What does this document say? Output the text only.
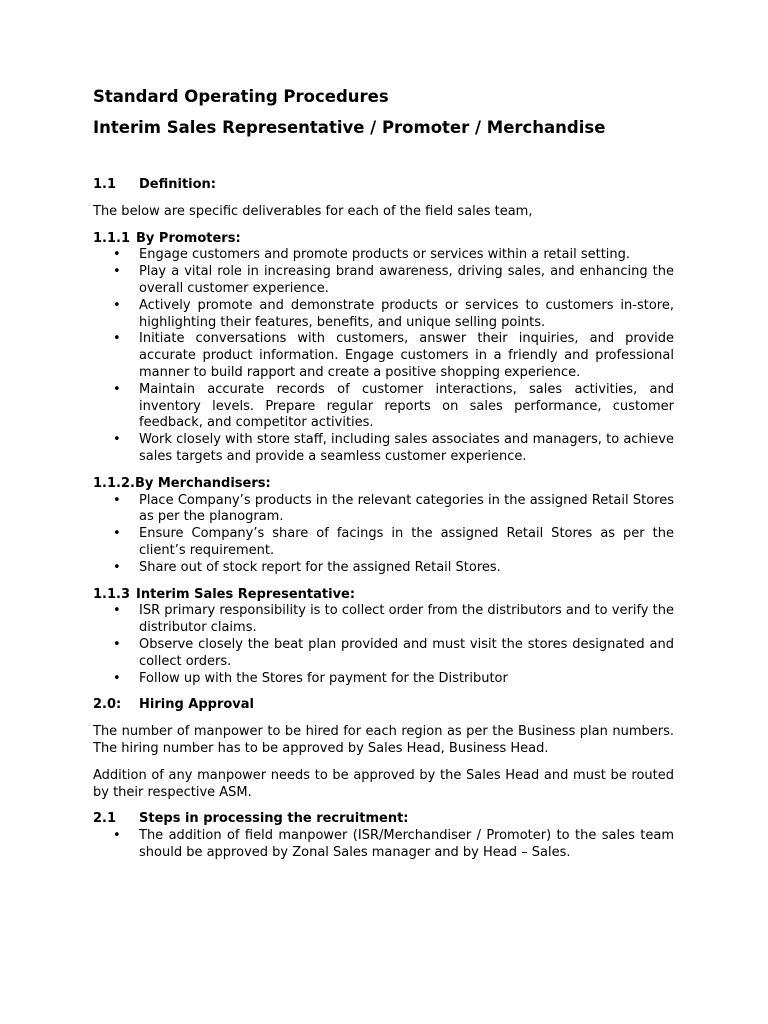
Standard Operating Procedures
Interim Sales Representative / Promoter / Merchandise
1.1 Definition:

The below are specific deliverables for each of the field sales team,

1.1.1 By Promoters:
• Engage customers and promote products or services within a retail setting.
• Play a vital role in increasing brand awareness, driving sales, and enhancing the overall customer experience.
• Actively promote and demonstrate products or services to customers in-store, highlighting their features, benefits, and unique selling points.
• Initiate conversations with customers, answer their inquiries, and provide accurate product information. Engage customers in a friendly and professional manner to build rapport and create a positive shopping experience.
• Maintain accurate records of customer interactions, sales activities, and inventory levels. Prepare regular reports on sales performance, customer feedback, and competitor activities.
• Work closely with store staff, including sales associates and managers, to achieve sales targets and provide a seamless customer experience.
1.1.2.By Merchandisers:
• Place Company’s products in the relevant categories in the assigned Retail Stores as per the planogram.
• Ensure Company’s share of facings in the assigned Retail Stores as per the client’s requirement.
• Share out of stock report for the assigned Retail Stores.
1.1.3 Interim Sales Representative:
• ISR primary responsibility is to collect order from the distributors and to verify the distributor claims.
• Observe closely the beat plan provided and must visit the stores designated and collect orders.
• Follow up with the Stores for payment for the Distributor
2.0: Hiring Approval

The number of manpower to be hired for each region as per the Business plan numbers. The hiring number has to be approved by Sales Head, Business Head.

Addition of any manpower needs to be approved by the Sales Head and must be routed by their respective ASM.

2.1 Steps in processing the recruitment:
• The addition of field manpower (ISR/Merchandiser / Promoter) to the sales team should be approved by Zonal Sales manager and by Head – Sales.
